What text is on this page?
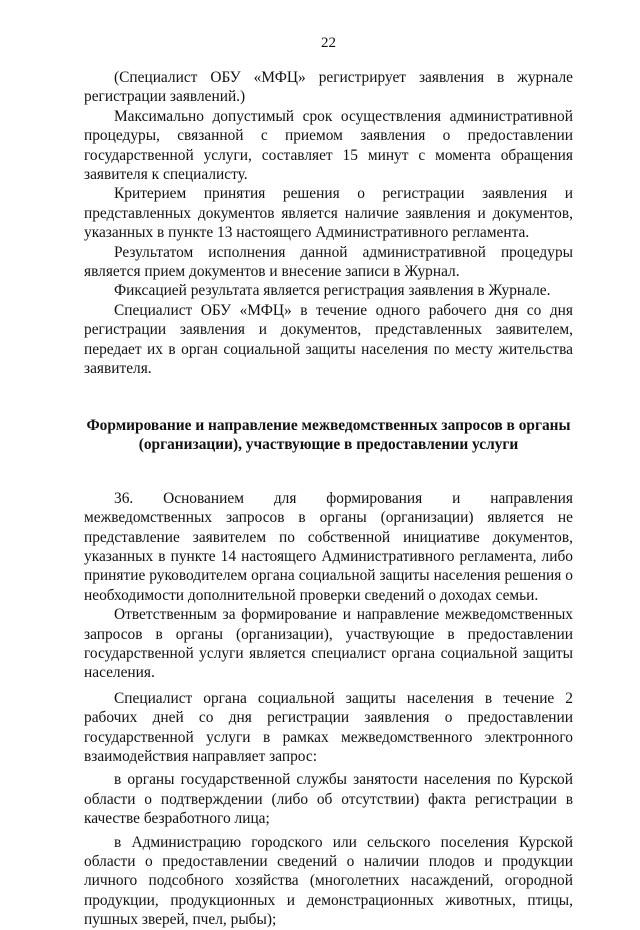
22

(Специалист ОБУ «МФЦ» регистрирует заявления в журнале регистрации заявлений.)

Максимально допустимый срок осуществления административной процедуры, связанной с приемом заявления о предоставлении государственной услуги, составляет 15 минут с момента обращения заявителя к специалисту.

Критерием принятия решения о регистрации заявления и представленных документов является наличие заявления и документов, указанных в пункте 13 настоящего Административного регламента.

Результатом исполнения данной административной процедуры является прием документов и внесение записи в Журнал.

Фиксацией результата является регистрация заявления в Журнале.

Специалист ОБУ «МФЦ» в течение одного рабочего дня со дня регистрации заявления и документов, представленных заявителем, передает их в орган социальной защиты населения по месту жительства заявителя.

Формирование и направление межведомственных запросов в органы (организации), участвующие в предоставлении услуги

36. Основанием для формирования и направления межведомственных запросов в органы (организации) является не представление заявителем по собственной инициативе документов, указанных в пункте 14 настоящего Административного регламента, либо принятие руководителем органа социальной защиты населения решения о необходимости дополнительной проверки сведений о доходах семьи.

Ответственным за формирование и направление межведомственных запросов в органы (организации), участвующие в предоставлении государственной услуги является специалист органа социальной защиты населения.

Специалист органа социальной защиты населения в течение 2 рабочих дней со дня регистрации заявления о предоставлении государственной услуги в рамках межведомственного электронного взаимодействия направляет запрос:

в органы государственной службы занятости населения по Курской области о подтверждении (либо об отсутствии) факта регистрации в качестве безработного лица;

в Администрацию городского или сельского поселения Курской области о предоставлении сведений о наличии плодов и продукции личного подсобного хозяйства (многолетних насаждений, огородной продукции, продукционных и демонстрационных животных, птицы, пушных зверей, пчел, рыбы);
